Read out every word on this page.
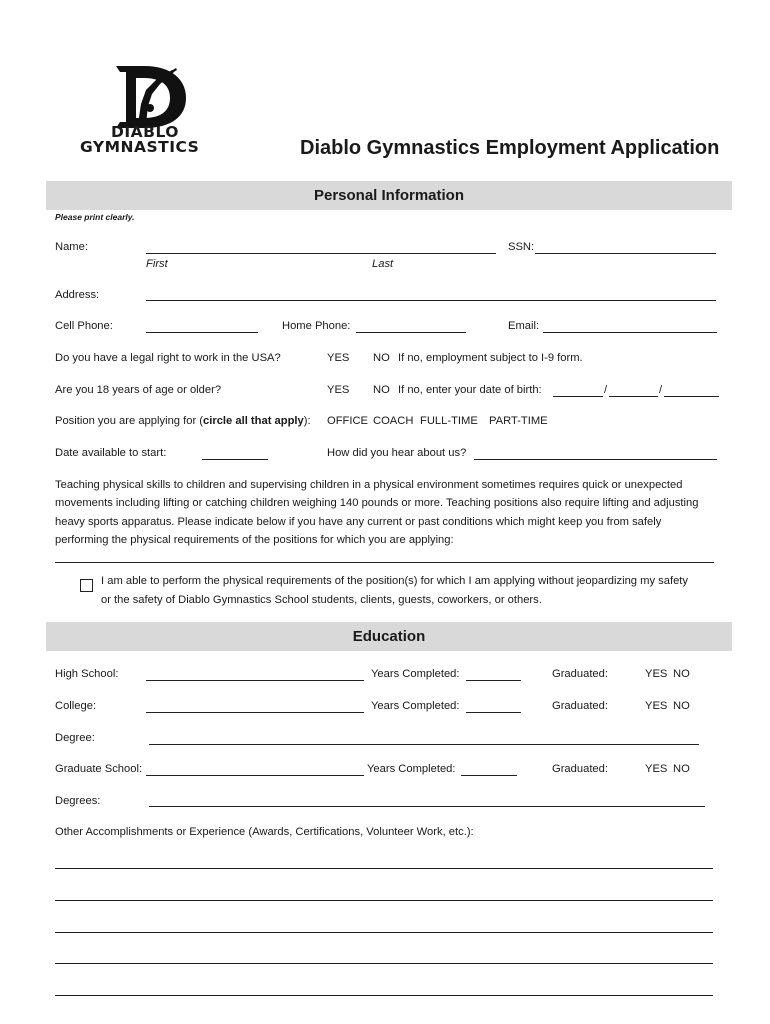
DIABLO
GYMNASTICS	Diablo Gymnastics Employment Application
Personal Information
Please print clearly.
Name:
First	Last
SSN:
Address:
Cell Phone:	Home Phone:	Email:
Do you have a legal right to work in the USA?	YES NO If no, employment subject to I-9 form.
Are you 18 years of age or older?	YES NO If no, enter your date of birth:	/	/
Position you are applying for (circle all that apply): OFFICE COACH FULL-TIME PART-TIME
Date available to start:	How did you hear about us?
Teaching physical skills to children and supervising children in a physical environment sometimes requires quick or unexpected movements including lifting or catching children weighing 140 pounds or more. Teaching positions also require lifting and adjusting heavy sports apparatus. Please indicate below if you have any current or past conditions which might keep you from safely performing the physical requirements of the positions for which you are applying:
I am able to perform the physical requirements of the position(s) for which I am applying without jeopardizing my safety
or the safety of Diablo Gymnastics School students, clients, guests, coworkers, or others.
Education
High School:	Years Completed:	Graduated:	YES NO
College:	Years Completed:	Graduated:	YES NO
Degree:
Graduate School:	Years Completed:	Graduated:	YES NO
Degrees:
Other Accomplishments or Experience (Awards, Certifications, Volunteer Work, etc.):
